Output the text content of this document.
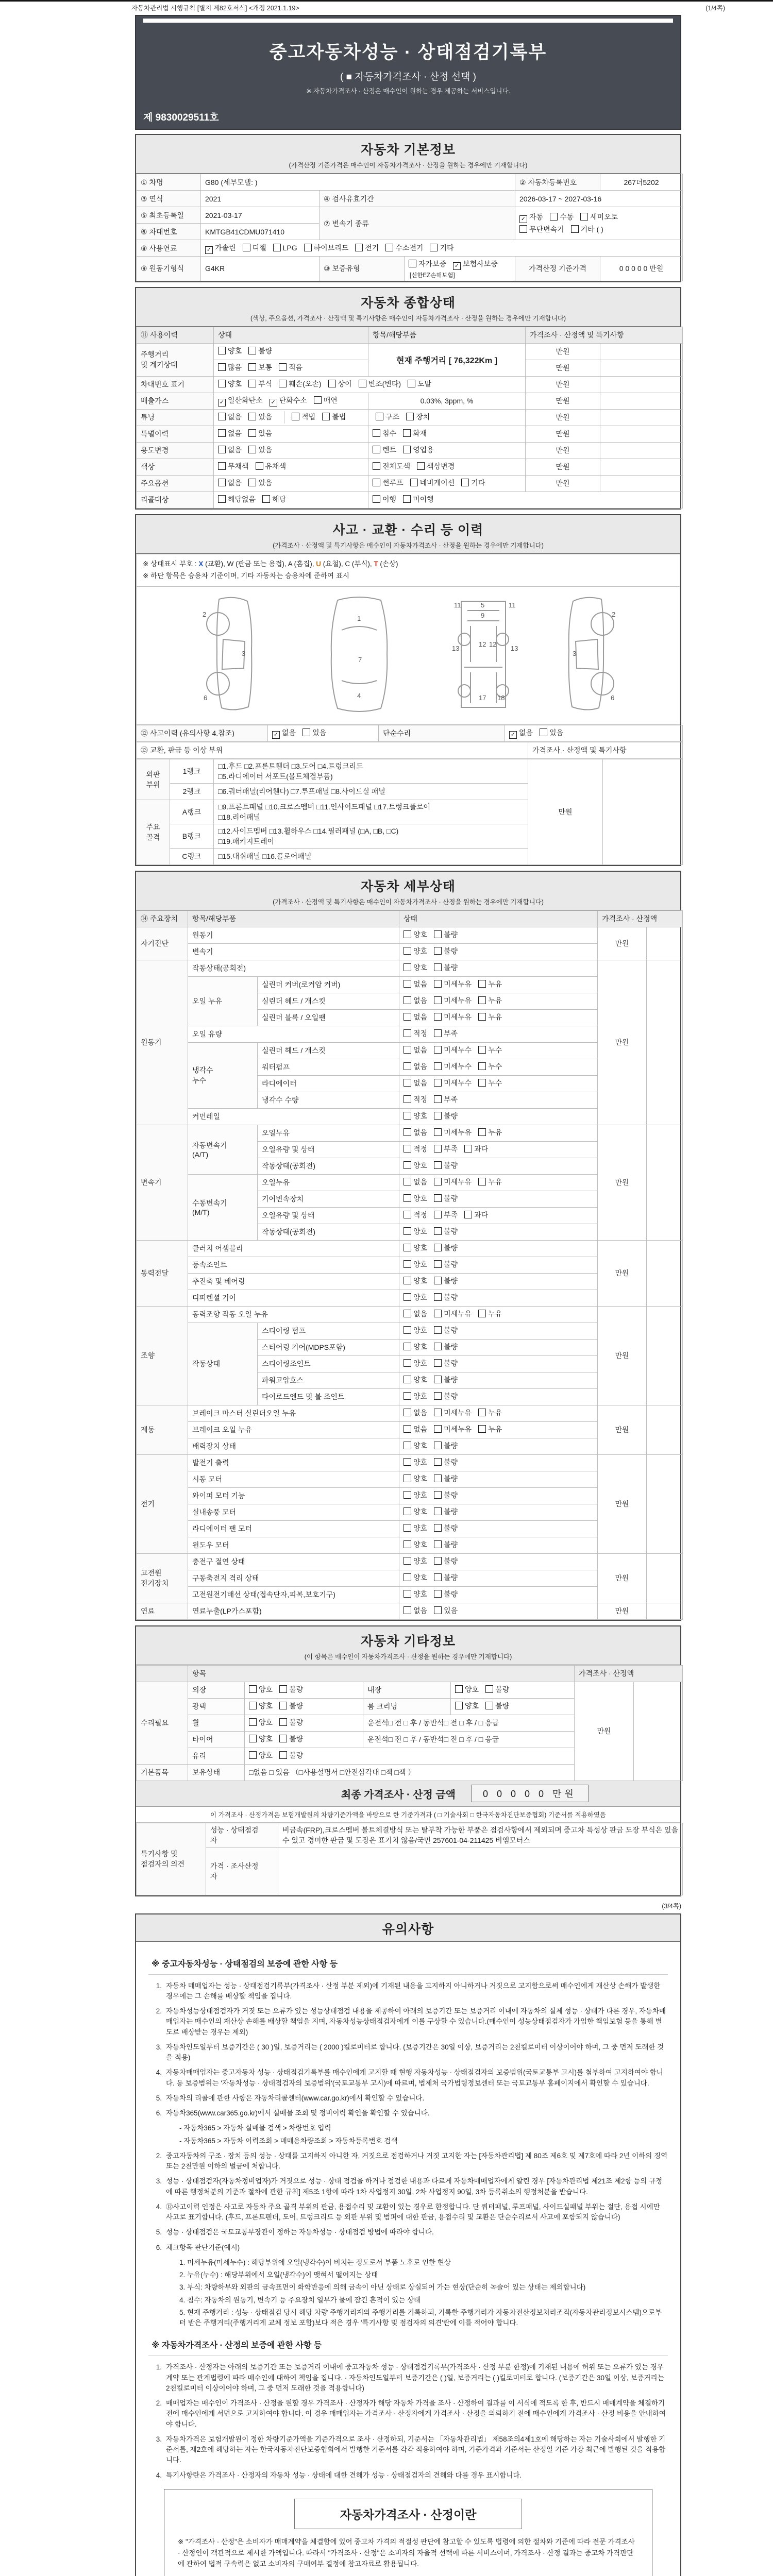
자동차관리법 시행규칙 [별지 제82호서식] <개정 2021.1.19>	(1/4쪽)
중고자동차성능 · 상태점검기록부
( ■ 자동차가격조사 · 산정 선택 )
※ 자동차가격조사 · 산정은 매수인이 원하는 경우 제공하는 서비스입니다.
제 9830029511호
자동차 기본정보
(가격산정 기준가격은 매수인이 자동차가격조사 · 산정을 원하는 경우에만 기재합니다)
① 차명	G80 (세부모델: )			② 자동차등록번호	267더5202
③ 연식	2021	④ 검사유효기간		2026-03-17 ~ 2027-03-16	
⑤ 최초등록일	2021-03-17	⑦ 변속기 종류		✓ 자동 수동 세미오토
무단변속기 기타 ( )	
⑥ 차대번호	KMTGB41CDMU071410				
⑧ 사용연료	✓ 가솔린 디젤 LPG 하이브리드 전기 수소전기 기타				
⑨ 원동기형식	G4KR	⑩ 보증유형	자가보증 ✓ 보험사보증[신한EZ손해보험]	가격산정 기준가격	0 0 0 0 0 만원
자동차 종합상태
(색상, 주요옵션, 가격조사 · 산정액 및 특기사항은 매수인이 자동차가격조사 · 산정을 원하는 경우에만 기재합니다)
⑪ 사용이력	상태	항목/해당부품	가격조사 · 산정액 및 특기사항	
주행거리
및 계기상태	양호 불량	현재 주행거리 [ 76,322Km ]	만원	
	많음 보통 적음		만원	
차대번호 표기	양호 부식 훼손(오손) 상이 변조(변타) 도말		만원	
배출가스	✓ 일산화탄소 ✓ 탄화수소 매연	0.03%, 3ppm, %	만원	
튜닝	없음 있음 적법 불법	구조 장치	만원	
특별이력	없음 있음	침수 화재	만원	
용도변경	없음 있음	렌트 영업용	만원	
색상	무채색 유채색	전체도색 색상변경	만원	
주요옵션	없음 있음	썬루프 네비게이션 기타	만원	
리콜대상	해당없음 해당	이행 미이행		
사고 · 교환 · 수리 등 이력
(가격조사 · 산정액 및 특기사항은 매수인이 자동차가격조사 · 산정을 원하는 경우에만 기재합니다)
※ 상태표시 부호 : X (교환), W (판금 또는 용접), A (흠집), U (요철), C (부식), T (손상)
※ 하단 항목은 승용차 기준이며, 기타 자동차는 승용차에 준하여 표시
2
3
6
1
7
4
11	11
13	13
12 12
9
5
17 18
2
3
6
⑫ 사고이력 (유의사항 4.참조)	✓ 없음 있음	단순수리	✓ 없음 있음
⑬ 교환, 판금 등 이상 부위	가격조사 · 산정액 및 특기사항
외판
부위	1랭크	□1.후드 □2.프론트휀더 □3.도어 □4.트렁크리드
□5.라디에이터 서포트(볼트체결부품)	만원	
	2랭크	□6.쿼터패널(리어휀다) □7.루프패널 □8.사이드실 패널		
주요
골격	A랭크	□9.프론트패널 □10.크로스멤버 □11.인사이드패널 □17.트렁크플로어
□18.리어패널		
	B랭크	□12.사이드멤버 □13.휠하우스 □14.필러패널 (□A, □B, □C)
□19.패키지트레이		
	C랭크	□15.대쉬패널 □16.플로어패널		
자동차 세부상태
(가격조사 · 산정액 및 특기사항은 매수인이 자동차가격조사 · 산정을 원하는 경우에만 기재합니다)
⑭ 주요장치	항목/해당부품		상태	가격조사 · 산정액	
자기진단	원동기		양호 불량	만원	
	변속기		양호 불량		
원동기	작동상태(공회전)		양호 불량	만원	
	오일 누유	실린더 커버(로커암 커버)	없음 미세누유 누유		
		실린더 헤드 / 개스킷	없음 미세누유 누유		
		실린더 블록 / 오일팬	없음 미세누유 누유		
	오일 유량		적정 부족		
	냉각수
누수	실린더 헤드 / 개스킷	없음 미세누수 누수		
		워터펌프	없음 미세누수 누수		
		라디에이터	없음 미세누수 누수		
		냉각수 수량	적정 부족		
	커먼레일		양호 불량		
변속기	자동변속기
(A/T)	오일누유	없음 미세누유 누유	만원	
		오일유량 및 상태	적정 부족 과다		
		작동상태(공회전)	양호 불량		
	수동변속기
(M/T)	오일누유	없음 미세누유 누유		
		기어변속장치	양호 불량		
		오일유량 및 상태	적정 부족 과다		
		작동상태(공회전)	양호 불량		
동력전달	클러치 어셈블리		양호 불량	만원	
	등속조인트		양호 불량		
	추진축 및 베어링		양호 불량		
	디퍼렌셜 기어		양호 불량		
조향	동력조향 작동 오일 누유		없음 미세누유 누유	만원	
	작동상태	스티어링 펌프	양호 불량		
		스티어링 기어(MDPS포함)	양호 불량		
		스티어링조인트	양호 불량		
		파워고압호스	양호 불량		
		타이로드엔드 및 볼 조인트	양호 불량		
제동	브레이크 마스터 실린더오일 누유		없음 미세누유 누유	만원	
	브레이크 오일 누유		없음 미세누유 누유		
	배력장치 상태		양호 불량		
전기	발전기 출력		양호 불량	만원	
	시동 모터		양호 불량		
	와이퍼 모터 기능		양호 불량		
	실내송풍 모터		양호 불량		
	라디에이터 팬 모터		양호 불량		
	윈도우 모터		양호 불량		
고전원
전기장치	충전구 절연 상태		양호 불량	만원	
	구동축전지 격리 상태		양호 불량		
	고전원전기배선 상태(접속단자,피복,보호기구)		양호 불량		
연료	연료누출(LP가스포함)		없음 있음	만원	
자동차 기타정보
(이 항목은 매수인이 자동차가격조사 · 산정을 원하는 경우에만 기재합니다)
	항목				가격조사 · 산정액	
수리필요	외장	양호 불량	내장	양호 불량	만원	
	광택	양호 불량	룸 크리닝	양호 불량		
	휠	양호 불량	운전석□ 전 □ 후 / 동반석□ 전 □ 후 / □ 응급			
	타이어	양호 불량	운전석□ 전 □ 후 / 동반석□ 전 □ 후 / □ 응급			
	유리	양호 불량				
기본품목	보유상태	□없음 □ 있음 （□사용설명서 □안전삼각대 □잭 □잭 ）				
최종 가격조사 · 산정 금액	0 0 0 0 0 만원
이 가격조사 · 산정가격은 보험개발원의 차량기준가액을 바탕으로 한 기준가격과 ( □ 기술사회 □ 한국자동차진단보증협회) 기준서를 적용하였음
특기사항 및
점검자의 의견	성능 · 상태점검
자	비금속(FRP),크로스멤버 볼트체결방식 또는 탈부착 가능한 부품은 점검사항에서 제외되며 중고차 특성상 판금 도장 부식은 있을 수 있고 경미한 판금 및 도장은 표기치 않음/국민 257601-04-211425 비엠모터스
	가격 · 조사산정
자	
(3/4쪽)
유의사항
※ 중고자동차성능 · 상태점검의 보증에 관한 사항 등
1. 자동차 매매업자는 성능 · 상태점검기록부(가격조사 · 산정 부분 제외)에 기재된 내용을 고지하지 아니하거나 거짓으로 고지함으로써 매수인에게 재산상 손해가 발생한 경우에는 그 손해를 배상할 책임을 집니다.
2. 자동차성능상태점검자가 거짓 또는 오류가 있는 성능상태점검 내용을 제공하여 아래의 보증기간 또는 보증거리 이내에 자동차의 실제 성능 · 상태가 다른 경우, 자동차매매업자는 매수인의 재산상 손해를 배상할 책임을 지며, 자동차성능상태점검자에게 이를 구상할 수 있습니다.(매수인이 성능상태점검자가 가입한 책임보험 등을 통해 별도로 배상받는 경우는 제외)
3. 자동차인도일부터 보증기간은 ( 30 )일, 보증거리는 ( 2000 )킬로미터로 합니다. (보증기간은 30일 이상, 보증거리는 2천킬로미터 이상이어야 하며, 그 중 먼저 도래한 것을 적용)
4. 자동차매매업자는 중고자동차 성능 · 상태점검기록부를 매수인에게 고지할 때 현행 자동차성능 · 상태점검자의 보증범위(국토교통부 고시)를 첨부하여 고지하여야 합니다. 동 보증범위는 '자동차성능 · 상태점검자의 보증범위'(국토교통부 고시)에 따르며, 법제처 국가법령정보센터 또는 국토교통부 홈페이지에서 확인할 수 있습니다.
5. 자동차의 리콜에 관한 사항은 자동차리콜센터(www.car.go.kr)에서 확인할 수 있습니다.
6. 자동차365(www.car365.go.kr)에서 실매물 조회 및 정비이력 확인을 확인할 수 있습니다.
- 자동차365 > 자동차 실매물 검색 > 차량번호 입력
- 자동차365 > 자동차 이력조회 > 매매용차량조회 > 자동차등록번호 검색
2. 중고자동차의 구조 · 장치 등의 성능 · 상태를 고지하지 아니한 자, 거짓으로 점검하거나 거짓 고지한 자는 [자동차관리법] 제 80조 제6호 및 제7호에 따라 2년 이하의 징역 또는 2천만원 이하의 벌금에 처합니다.
3. 성능 · 상태점검자(자동차정비업자)가 거짓으로 성능 · 상태 점검을 하거나 점검한 내용과 다르게 자동차매매업자에게 알린 경우 [자동차관리법 제21조 제2항 등의 규정에 따른 행정처분의 기준과 절차에 관한 규칙] 제5조 1항에 따라 1차 사업정지 30일, 2차 사업정지 90일, 3차 등록취소의 행정처분을 받습니다.
4. ⑫사고이력 인정은 사고로 자동차 주요 골격 부위의 판금, 용접수리 및 교환이 있는 경우로 한정합니다. 단 쿼터패널, 루프패널, 사이드실패널 부위는 절단, 용접 시에만 사고로 표기합니다. (후드, 프론트펜더, 도어, 트렁크리드 등 외판 부위 및 범퍼에 대한 판금, 용접수리 및 교환은 단순수리로서 사고에 포함되지 않습니다)
5. 성능 · 상태점검은 국토교통부장관이 정하는 자동차성능 · 상태점검 방법에 따라야 합니다.
6. 체크항목 판단기준(예시)
1. 미세누유(미세누수) : 해당부위에 오일(냉각수)이 비치는 정도로서 부품 노후로 인한 현상
2. 누유(누수) : 해당부위에서 오일(냉각수)이 맺혀서 떨어지는 상태
3. 부식: 차량하부와 외판의 금속표면이 화학반응에 의해 금속이 아닌 상태로 상실되어 가는 현상(단순히 녹슬어 있는 상태는 제외합니다)
4. 침수: 자동차의 원동기, 변속기 등 주요장치 일부가 물에 잠긴 흔적이 있는 상태
5. 현재 주행거리 : 성능 · 상태점검 당시 해당 차량 주행거리계의 주행거리를 기록하되, 기록한 주행거리가 자동차전산정보처리조직(자동차관리정보시스템)으로부터 받은 주행거리(주행거리계 교체 정보 포함)보다 적은 경우 '특기사항 및 점검자의 의견'란에 이를 적어야 합니다.
※ 자동차가격조사 · 산정의 보증에 관한 사항 등
1. 가격조사 · 산정자는 아래의 보증기간 또는 보증거리 이내에 중고자동차 성능 · 상태점검기록부(가격조사 · 산정 부분 한정)에 기재된 내용에 허위 또는 오류가 있는 경우 계약 또는 관계법령에 따라 매수인에 대하여 책임을 집니다. · 자동차인도일부터 보증기간은 ( )일, 보증거리는 ( )킬로미터로 합니다. (보증기간은 30일 이상, 보증거리는 2천킬로미터 이상이어야 하며, 그 중 먼저 도래한 것을 적용합니다)
2. 매매업자는 매수인이 가격조사 · 산정을 원할 경우 가격조사 · 산정자가 해당 자동차 가격을 조사 · 산정하여 결과를 이 서식에 적도록 한 후, 반드시 매매계약을 체결하기 전에 매수인에게 서면으로 고지하여야 합니다. 이 경우 매매업자는 가격조사 · 산정자에게 가격조사 · 산정을 의뢰하기 전에 매수인에게 가격조사 · 산정 비용을 안내하여야 합니다.
3. 자동차가격은 보험개발원이 정한 차량기준가액을 기준가격으로 조사 · 산정하되, 기준서는 「자동차관리법」 제58조의4제1호에 해당하는 자는 기술사회에서 발행한 기준서를, 제2호에 해당하는 자는 한국자동차진단보증협회에서 발행한 기준서를 각각 적용하여야 하며, 기준가격과 기준서는 산정일 기준 가장 최근에 발행된 것을 적용합니다.
4. 특기사항란은 가격조사 · 산정자의 자동차 성능 · 상태에 대한 견해가 성능 · 상태점검자의 견해와 다를 경우 표시합니다.
자동차가격조사 · 산정이란
※ "가격조사 · 산정"은 소비자가 매매계약을 체결함에 있어 중고차 가격의 적절성 판단에 참고할 수 있도록 법령에 의한 절차와 기준에 따라 전문 가격조사 · 산정인이 객관적으로 제시한 가액입니다. 따라서 "가격조사 · 산정"은 소비자의 자율적 선택에 따른 서비스이며, 가격조사 · 산정 결과는 중고차 가격판단에 관하여 법적 구속력은 없고 소비자의 구매여부 결정에 참고자료로 활용됩니다.
